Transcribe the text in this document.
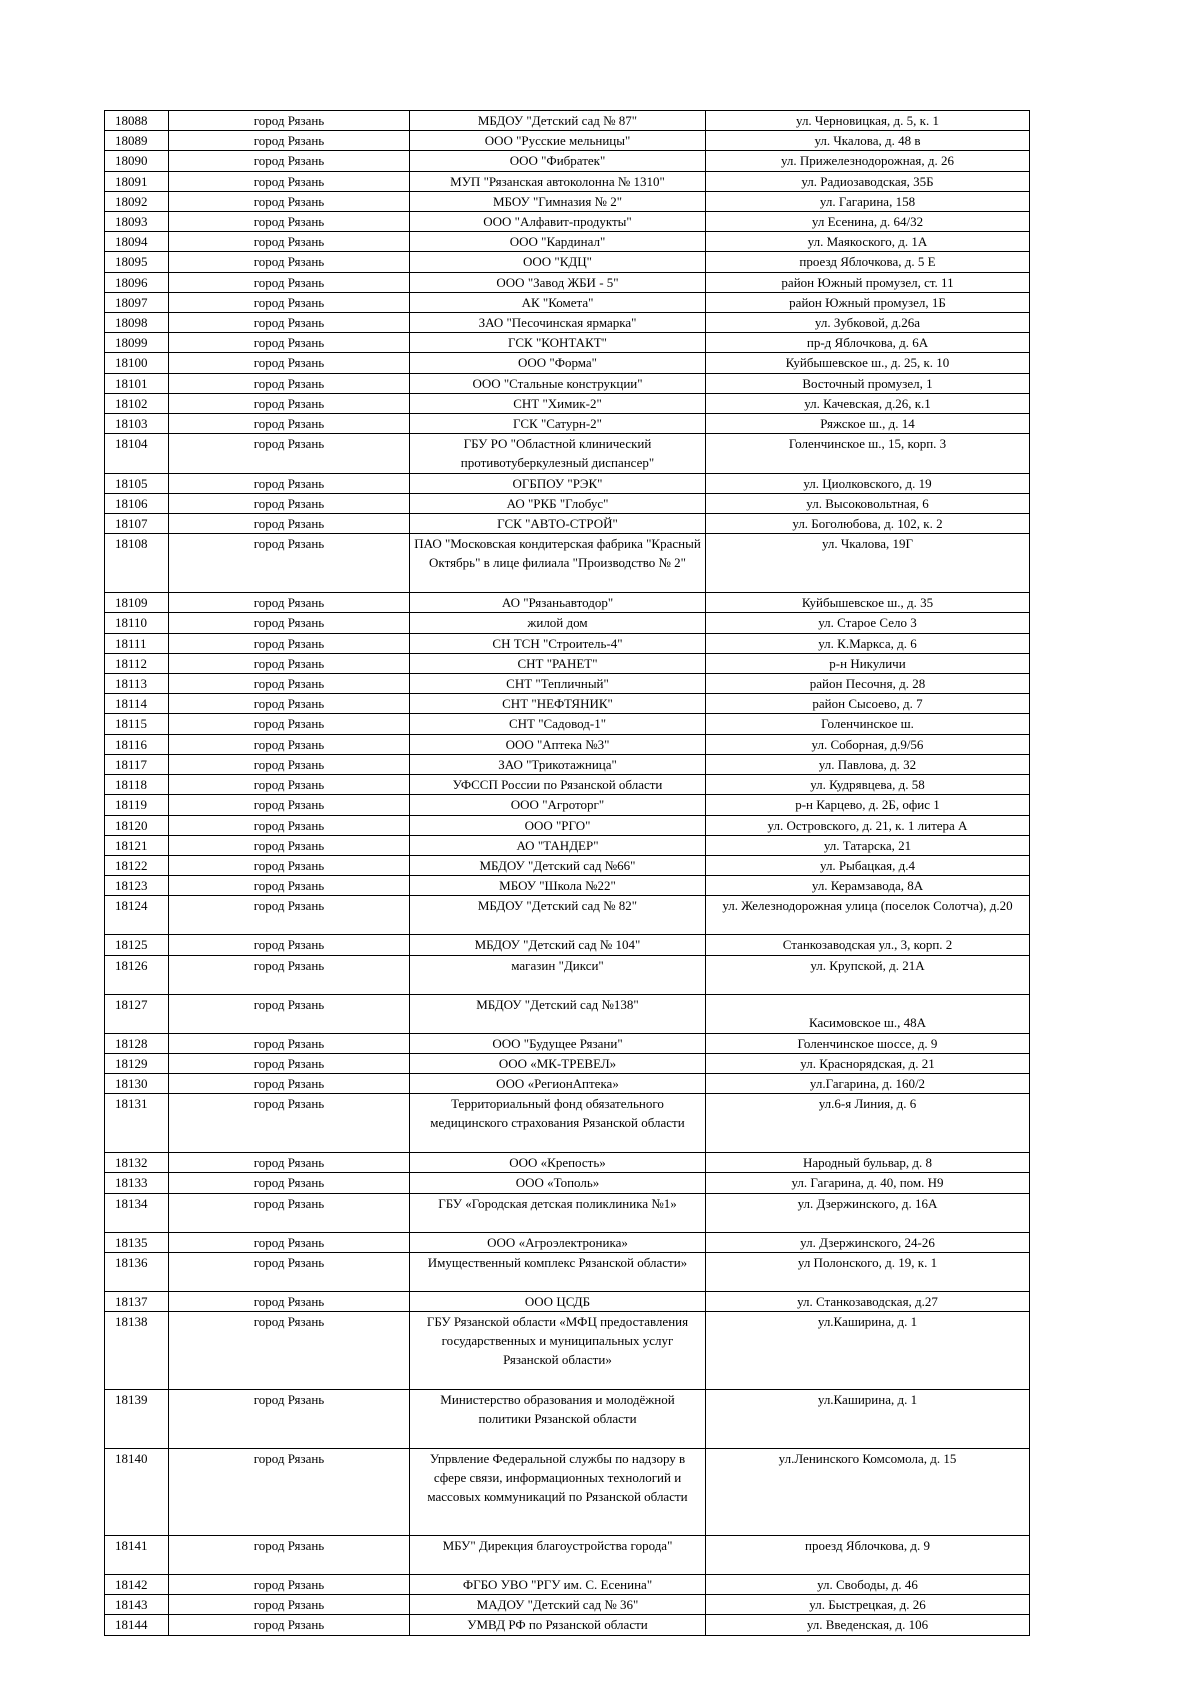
18088	город Рязань	МБДОУ "Детский сад № 87"	ул. Черновицкая, д. 5, к. 1
18089	город Рязань	ООО "Русские мельницы"	ул. Чкалова, д. 48 в
18090	город Рязань	ООО "Фибратек"	ул. Прижелезнодорожная, д. 26
18091	город Рязань	МУП "Рязанская автоколонна № 1310"	ул. Радиозаводская, 35Б
18092	город Рязань	МБОУ "Гимназия № 2"	ул. Гагарина, 158
18093	город Рязань	ООО "Алфавит-продукты"	ул Есенина, д. 64/32
18094	город Рязань	ООО "Кардинал"	ул. Маякоского, д. 1А
18095	город Рязань	ООО "КДЦ"	проезд Яблочкова, д. 5 Е
18096	город Рязань	ООО "Завод ЖБИ - 5"	район Южный промузел, ст. 11
18097	город Рязань	АК "Комета"	район Южный промузел, 1Б
18098	город Рязань	ЗАО "Песочинская ярмарка"	ул. Зубковой, д.26а
18099	город Рязань	ГСК "КОНТАКТ"	пр-д Яблочкова, д. 6А
18100	город Рязань	ООО "Форма"	Куйбышевское ш., д. 25, к. 10
18101	город Рязань	ООО "Стальные конструкции"	Восточный промузел, 1
18102	город Рязань	СНТ "Химик-2"	ул. Качевская, д.26, к.1
18103	город Рязань	ГСК "Сатурн-2"	Ряжское ш., д. 14
18104	город Рязань	ГБУ РО "Областной клинический противотуберкулезный диспансер"	Голенчинское ш., 15, корп. 3
18105	город Рязань	ОГБПОУ "РЭК"	ул. Циолковского, д. 19
18106	город Рязань	АО "РКБ "Глобус"	ул. Высоковольтная, 6
18107	город Рязань	ГСК "АВТО-СТРОЙ"	ул. Боголюбова, д. 102, к. 2
18108	город Рязань	ПАО "Московская кондитерская фабрика "Красный Октябрь" в лице филиала "Производство № 2"	ул. Чкалова, 19Г
18109	город Рязань	АО "Рязаньавтодор"	Куйбышевское ш., д. 35
18110	город Рязань	жилой дом	ул. Старое Село 3
18111	город Рязань	СН ТСН "Строитель-4"	ул. К.Маркса, д. 6
18112	город Рязань	СНТ "РАНЕТ"	р-н Никуличи
18113	город Рязань	СНТ "Тепличный"	район Песочня, д. 28
18114	город Рязань	СНТ "НЕФТЯНИК"	район Сысоево, д. 7
18115	город Рязань	СНТ "Садовод-1"	Голенчинское ш.
18116	город Рязань	ООО "Аптека №3"	ул. Соборная, д.9/56
18117	город Рязань	ЗАО "Трикотажница"	ул. Павлова, д. 32
18118	город Рязань	УФССП России по Рязанской области	ул. Кудрявцева, д. 58
18119	город Рязань	ООО "Агроторг"	р-н Карцево, д. 2Б, офис 1
18120	город Рязань	ООО "РГО"	ул. Островского, д. 21, к. 1 литера А
18121	город Рязань	АО "ТАНДЕР"	ул. Татарска, 21
18122	город Рязань	МБДОУ "Детский сад №66"	ул. Рыбацкая, д.4
18123	город Рязань	МБОУ "Школа №22"	ул. Керамзавода, 8А
18124	город Рязань	МБДОУ "Детский сад № 82"	ул. Железнодорожная улица (поселок Солотча), д.20
18125	город Рязань	МБДОУ "Детский сад № 104"	Станкозаводская ул., 3, корп. 2
18126	город Рязань	магазин "Дикси"	ул. Крупской, д. 21А
18127	город Рязань	МБДОУ "Детский сад №138"	Касимовское ш., 48А
18128	город Рязань	ООО "Будущее Рязани"	Голенчинское шоссе, д. 9
18129	город Рязань	ООО «МК-ТРЕВЕЛ»	ул. Краснорядская, д. 21
18130	город Рязань	ООО «РегионАптека»	ул.Гагарина, д. 160/2
18131	город Рязань	Территориальный фонд обязательного медицинского страхования Рязанской области	ул.6-я Линия, д. 6
18132	город Рязань	ООО «Крепость»	Народный бульвар, д. 8
18133	город Рязань	ООО «Тополь»	ул. Гагарина, д. 40, пом. Н9
18134	город Рязань	ГБУ «Городская детская поликлиника №1»	ул. Дзержинского, д. 16А
18135	город Рязань	ООО «Агроэлектроника»	ул. Дзержинского, 24-26
18136	город Рязань	Имущественный комплекс Рязанской области»	ул Полонского, д. 19, к. 1
18137	город Рязань	ООО ЦСДБ	ул. Станкозаводская, д.27
18138	город Рязань	ГБУ Рязанской области «МФЦ предоставления государственных и муниципальных услуг Рязанской области»	ул.Каширина, д. 1
18139	город Рязань	Министерство образования и молодёжной политики Рязанской области	ул.Каширина, д. 1
18140	город Рязань	Упрвление Федеральной службы по надзору в сфере связи, информационных технологий и массовых коммуникаций по Рязанской области	ул.Ленинского Комсомола, д. 15
18141	город Рязань	МБУ" Дирекция благоустройства города"	проезд Яблочкова, д. 9
18142	город Рязань	ФГБО УВО "РГУ им. С. Есенина"	ул. Свободы, д. 46
18143	город Рязань	МАДОУ "Детский сад № 36"	ул. Быстрецкая, д. 26
18144	город Рязань	УМВД РФ по Рязанской области	ул. Введенская, д. 106
